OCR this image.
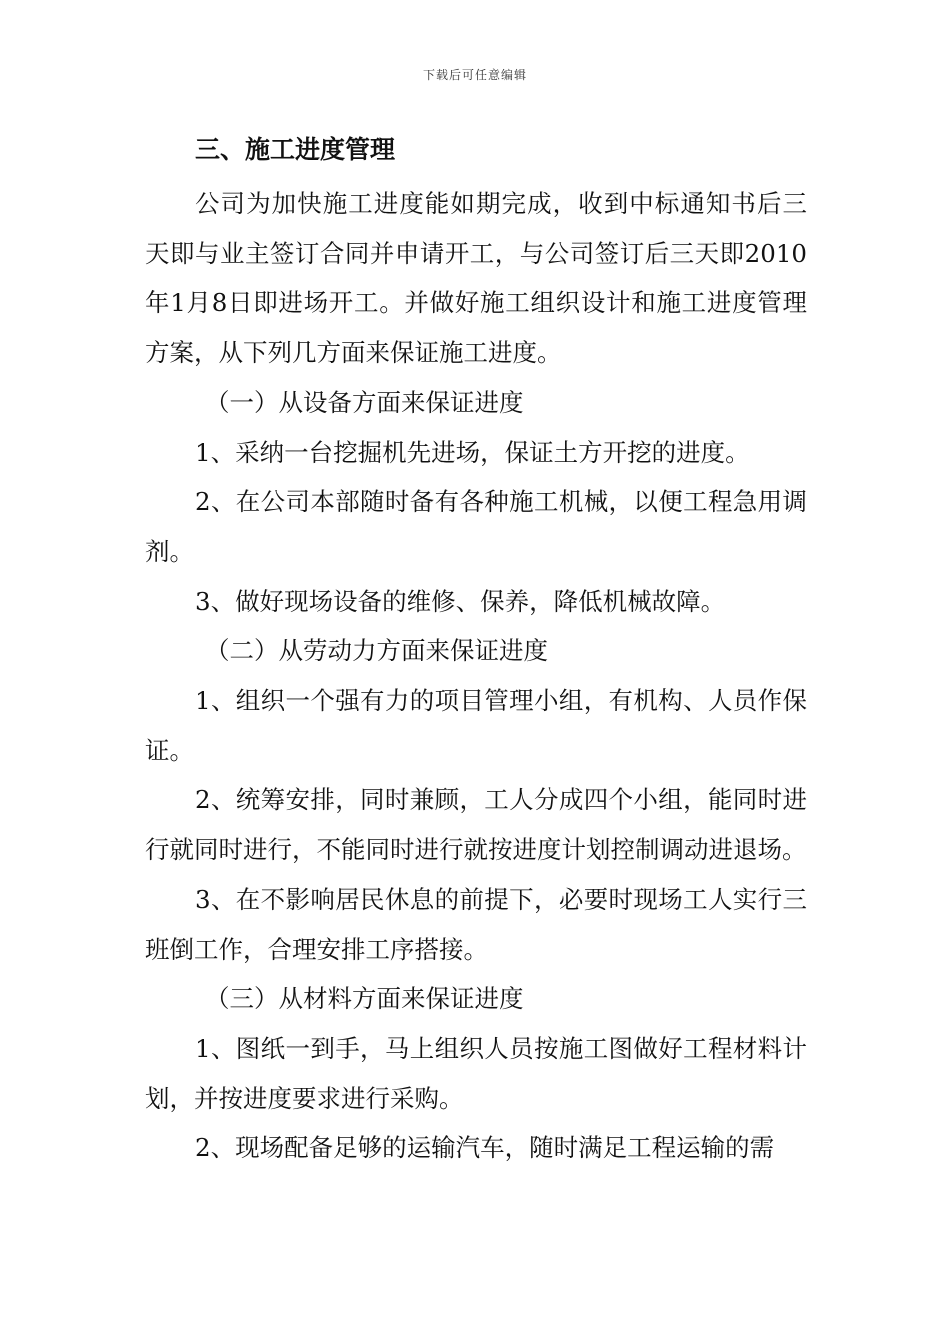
下载后可任意编辑
三、施工进度管理

公司为加快施工进度能如期完成，收到中标通知书后三天即与业主签订合同并申请开工，与公司签订后三天即2010年1月8日即进场开工。并做好施工组织设计和施工进度管理方案，从下列几方面来保证施工进度。

（一）从设备方面来保证进度

1、采纳一台挖掘机先进场，保证土方开挖的进度。

2、在公司本部随时备有各种施工机械，以便工程急用调剂。

3、做好现场设备的维修、保养，降低机械故障。

（二）从劳动力方面来保证进度

1、组织一个强有力的项目管理小组，有机构、人员作保证。

2、统筹安排，同时兼顾，工人分成四个小组，能同时进行就同时进行，不能同时进行就按进度计划控制调动进退场。

3、在不影响居民休息的前提下，必要时现场工人实行三班倒工作，合理安排工序搭接。

（三）从材料方面来保证进度

1、图纸一到手，马上组织人员按施工图做好工程材料计划，并按进度要求进行采购。

2、现场配备足够的运输汽车，随时满足工程运输的需
